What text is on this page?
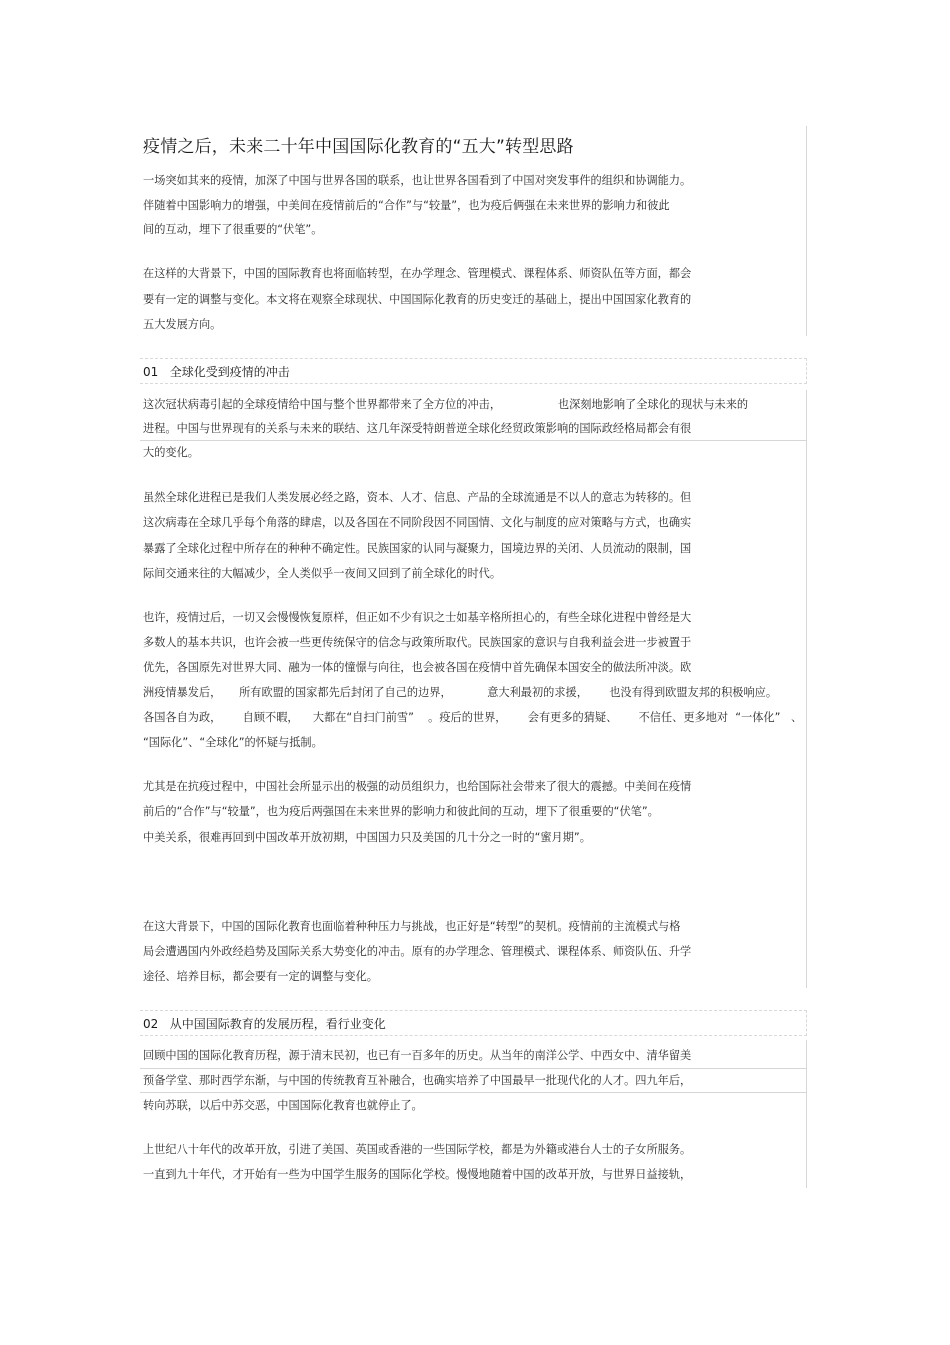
疫情之后，未来二十年中国国际化教育的“五大”转型思路
一场突如其来的疫情，加深了中国与世界各国的联系，也让世界各国看到了中国对突发事件的组织和协调能力。
伴随着中国影响力的增强，中美间在疫情前后的“合作”与“较量”，也为疫后俩强在未来世界的影响力和彼此
间的互动，埋下了很重要的“伏笔”。
在这样的大背景下，中国的国际教育也将面临转型，在办学理念、管理模式、课程体系、师资队伍等方面，都会
要有一定的调整与变化。本文将在观察全球现状、中国国际化教育的历史变迁的基础上，提出中国国家化教育的
五大发展方向。
01   全球化受到疫情的冲击
这次冠状病毒引起的全球疫情给中国与整个世界都带来了全方位的冲击，                也深刻地影响了全球化的现状与未来的
进程。中国与世界现有的关系与未来的联结、这几年深受特朗普逆全球化经贸政策影响的国际政经格局都会有很
大的变化。
虽然全球化进程已是我们人类发展必经之路，资本、人才、信息、产品的全球流通是不以人的意志为转移的。但
这次病毒在全球几乎每个角落的肆虐，以及各国在不同阶段因不同国情、文化与制度的应对策略与方式，也确实
暴露了全球化过程中所存在的种种不确定性。民族国家的认同与凝聚力，国境边界的关闭、人员流动的限制，国
际间交通来往的大幅减少，全人类似乎一夜间又回到了前全球化的时代。
也许，疫情过后，一切又会慢慢恢复原样，但正如不少有识之士如基辛格所担心的，有些全球化进程中曾经是大
多数人的基本共识，也许会被一些更传统保守的信念与政策所取代。民族国家的意识与自我利益会进一步被置于
优先，各国原先对世界大同、融为一体的憧憬与向往，也会被各国在疫情中首先确保本国安全的做法所冲淡。欧
洲疫情暴发后，     所有欧盟的国家都先后封闭了自己的边界，          意大利最初的求援，      也没有得到欧盟友邦的积极响应。
各国各自为政，      自顾不暇，    大都在“自扫门前雪”    。疫后的世界，      会有更多的猜疑、      不信任、更多地对  “一体化”   、
“国际化”、“全球化”的怀疑与抵制。
尤其是在抗疫过程中，中国社会所显示出的极强的动员组织力，也给国际社会带来了很大的震撼。中美间在疫情
前后的“合作”与“较量”，也为疫后两强国在未来世界的影响力和彼此间的互动，埋下了很重要的“伏笔”。
中美关系，很难再回到中国改革开放初期，中国国力只及美国的几十分之一时的“蜜月期”。
在这大背景下，中国的国际化教育也面临着种种压力与挑战，也正好是“转型”的契机。疫情前的主流模式与格
局会遭遇国内外政经趋势及国际关系大势变化的冲击。原有的办学理念、管理模式、课程体系、师资队伍、升学
途径、培养目标，都会要有一定的调整与变化。
02   从中国国际教育的发展历程，看行业变化
回顾中国的国际化教育历程，源于清末民初，也已有一百多年的历史。从当年的南洋公学、中西女中、清华留美
预备学堂、那时西学东渐，与中国的传统教育互补融合，也确实培养了中国最早一批现代化的人才。四九年后，
转向苏联，以后中苏交恶，中国国际化教育也就停止了。
上世纪八十年代的改革开放，引进了美国、英国或香港的一些国际学校，都是为外籍或港台人士的子女所服务。
一直到九十年代，才开始有一些为中国学生服务的国际化学校。慢慢地随着中国的改革开放，与世界日益接轨，
